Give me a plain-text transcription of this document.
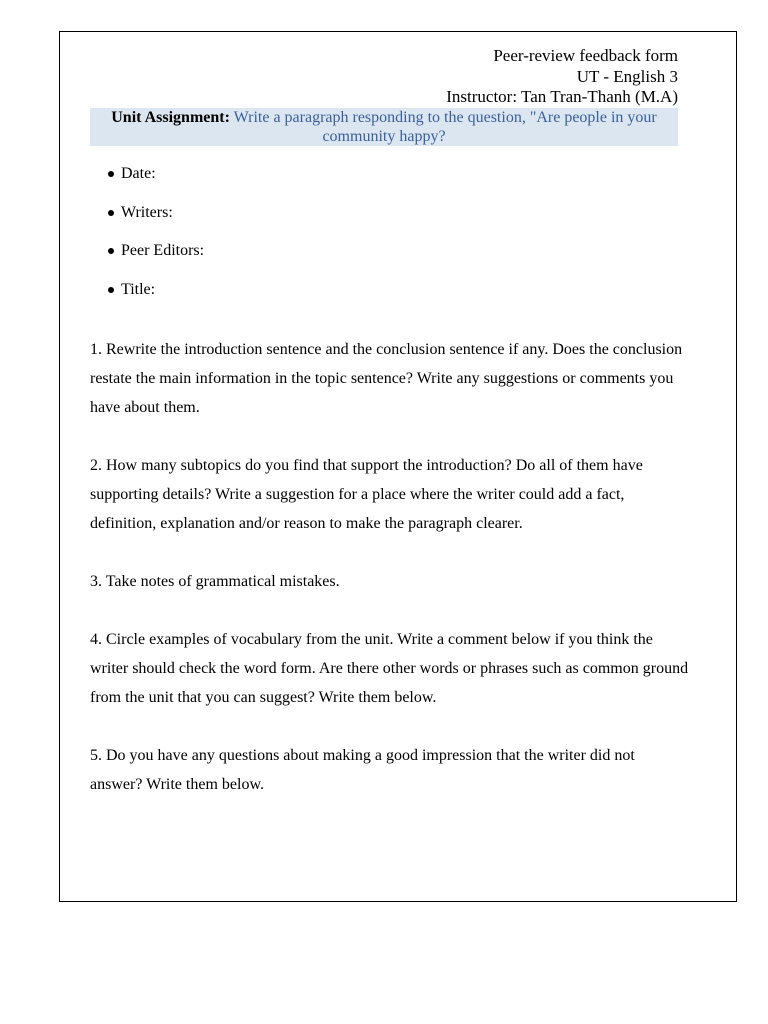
Peer-review feedback form
UT - English 3
Instructor: Tan Tran-Thanh (M.A)
Unit Assignment: Write a paragraph responding to the question, "Are people in your community happy?
Date:
Writers:
Peer Editors:
Title:

1. Rewrite the introduction sentence and the conclusion sentence if any. Does the conclusion restate the main information in the topic sentence? Write any suggestions or comments you have about them.

2. How many subtopics do you find that support the introduction? Do all of them have supporting details? Write a suggestion for a place where the writer could add a fact, definition, explanation and/or reason to make the paragraph clearer.

3. Take notes of grammatical mistakes.

4. Circle examples of vocabulary from the unit. Write a comment below if you think the writer should check the word form. Are there other words or phrases such as common ground from the unit that you can suggest? Write them below.

5. Do you have any questions about making a good impression that the writer did not answer? Write them below.
